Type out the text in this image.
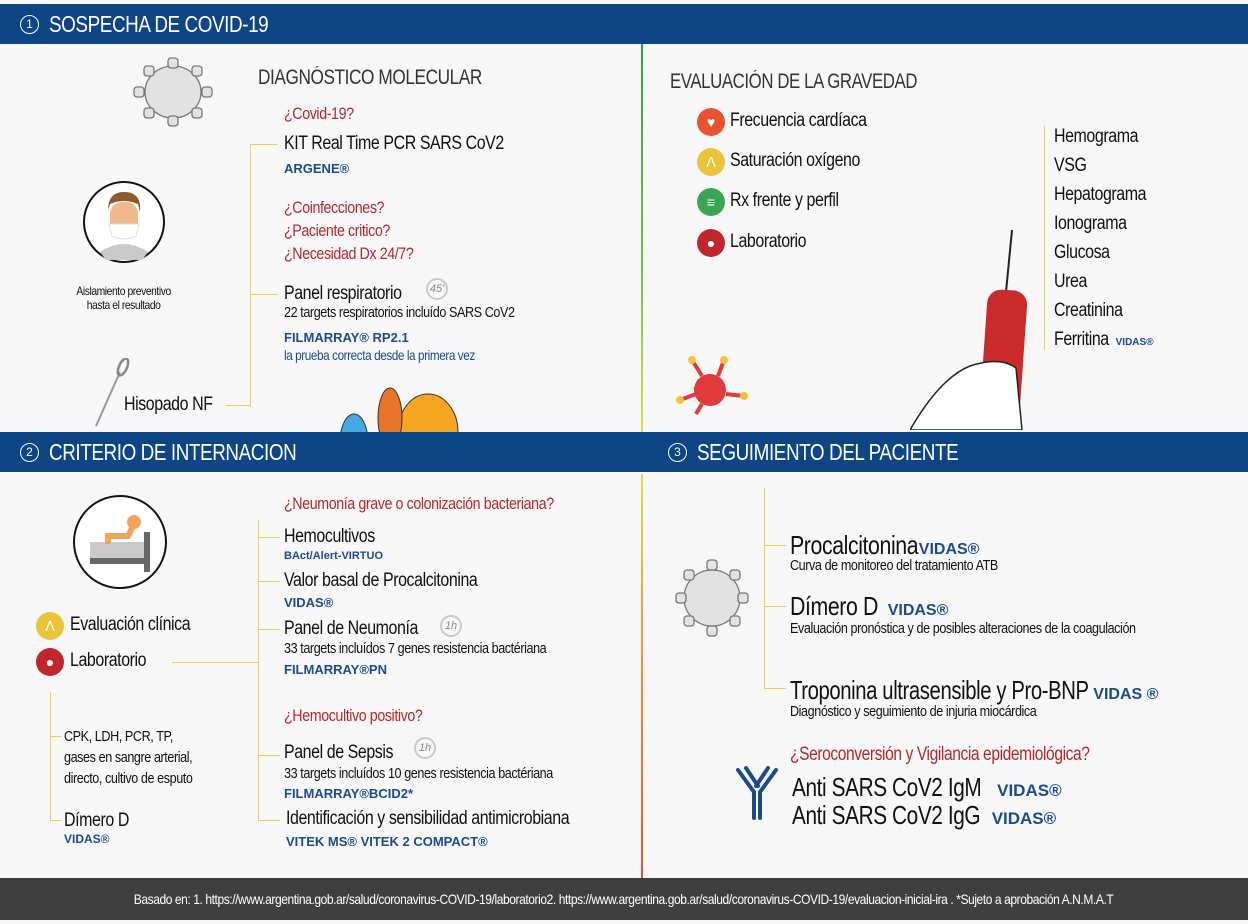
1 SOSPECHA DE COVID-19
Aislamiento preventivo
hasta el resultado
Hisopado NF
DIAGNÓSTICO MOLECULAR
¿Covid-19?
KIT Real Time PCR SARS CoV2
ARGENE®
¿Coinfecciones?
¿Paciente critico?
¿Necesidad Dx 24/7?
Panel respiratorio	45'
22 targets respiratorios incluído SARS CoV2
FILMARRAY® RP2.1
la prueba correcta desde la primera vez
EVALUACIÓN DE LA GRAVEDAD
♥ Frecuencia cardíaca
ᐱ Saturación oxígeno
≡ Rx frente y perfil
● Laboratorio
Hemograma
VSG
Hepatograma
Ionograma
Glucosa
Urea
Creatinina
Ferritina VIDAS®
2 CRITERIO DE INTERNACION	3 SEGUIMIENTO DEL PACIENTE
ᐱ Evaluación clínica
● Laboratorio
CPK, LDH, PCR, TP,
gases en sangre arterial,
directo, cultivo de esputo
Dímero D
VIDAS®
¿Neumonía grave o colonización bacteriana?
Hemocultivos
BAct/Alert-VIRTUO
Valor basal de Procalcitonina
VIDAS®
Panel de Neumonía	1h
33 targets incluídos 7 genes resistencia bactériana
FILMARRAY®PN
¿Hemocultivo positivo?
Panel de Sepsis	1h
33 targets incluídos 10 genes resistencia bactériana
FILMARRAY®BCID2*
Identificación y sensibilidad antimicrobiana
VITEK MS® VITEK 2 COMPACT®
Procalcitonina VIDAS®
Curva de monitoreo del tratamiento ATB
Dímero D VIDAS®
Evaluación pronóstica y de posibles alteraciones de la coagulación
Troponina ultrasensible y Pro-BNP VIDAS ®
Diagnóstico y seguimiento de injuria miocárdica
¿Seroconversión y Vigilancia epidemiológica?
Anti SARS CoV2 IgM VIDAS®
Anti SARS CoV2 IgG VIDAS®
Basado en: 1. https://www.argentina.gob.ar/salud/coronavirus-COVID-19/laboratorio2. https://www.argentina.gob.ar/salud/coronavirus-COVID-19/evaluacion-inicial-ira . *Sujeto a aprobación A.N.M.A.T
